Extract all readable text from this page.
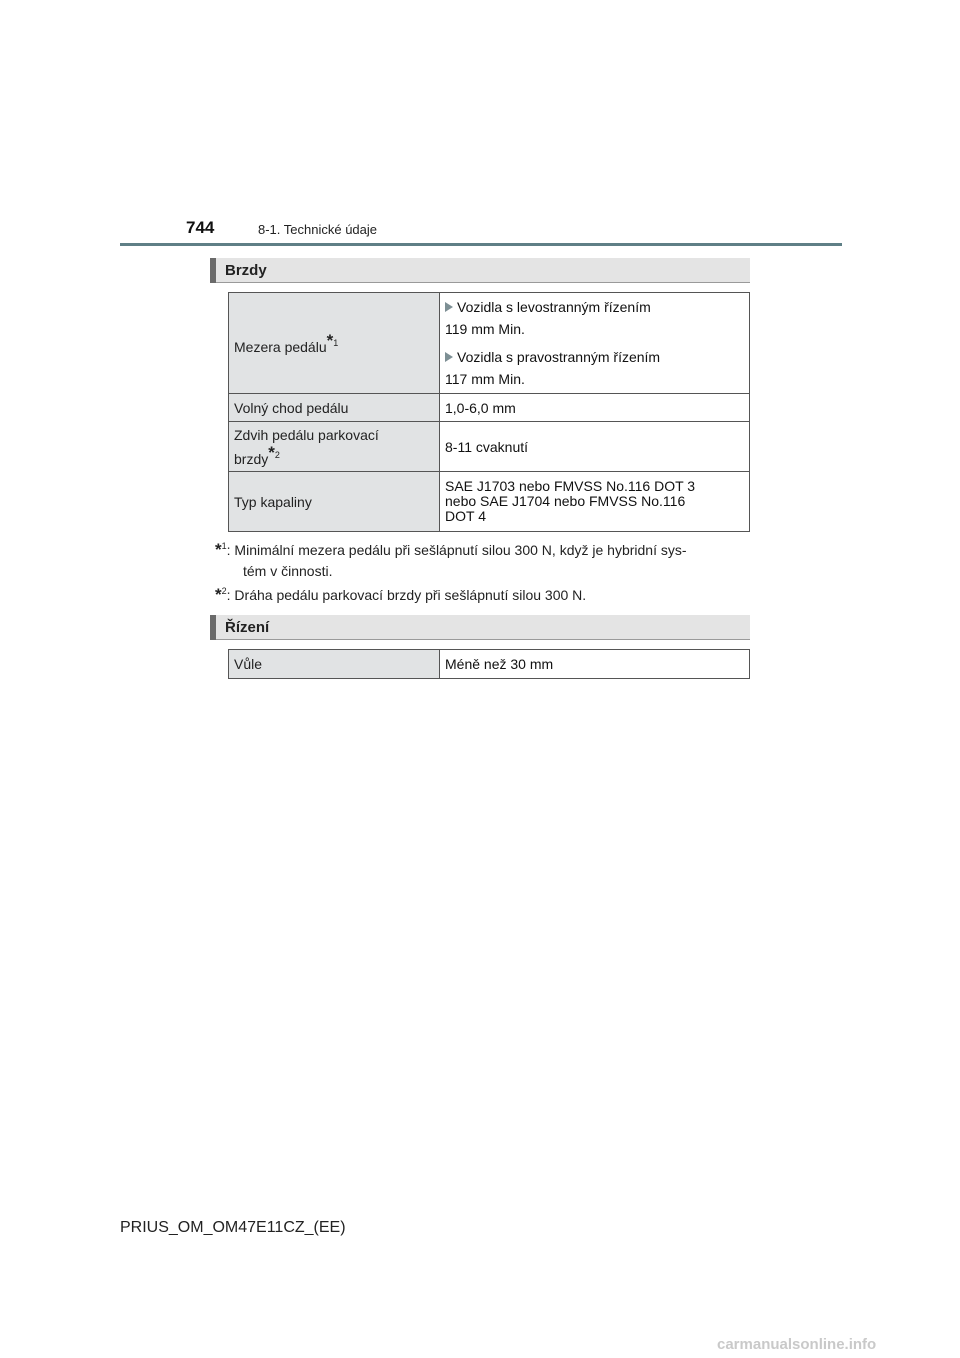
744	8-1. Technické údaje
Brzdy
Mezera pedálu$^{*1}$	Vozidla s levostranným řízením
119 mm Min.
Vozidla s pravostranným řízením
117 mm Min.

Volný chod pedálu	1,0-6,0 mm

Zdvih pedálu parkovací
brzdy$^{*2}$	8-11 cvaknutí
Typ kapaliny	SAE J1703 nebo FMVSS No.116 DOT 3
nebo SAE J1704 nebo FMVSS No.116
DOT 4
*$^1$: Minimální mezera pedálu při sešlápnutí silou 300 N, když je hybridní sys-
tém v činnosti.
*$^2$: Dráha pedálu parkovací brzdy při sešlápnutí silou 300 N.
Řízení
Vůle	Méně než 30 mm
PRIUS_OM_OM47E11CZ_(EE)
carmanualsonline.info
